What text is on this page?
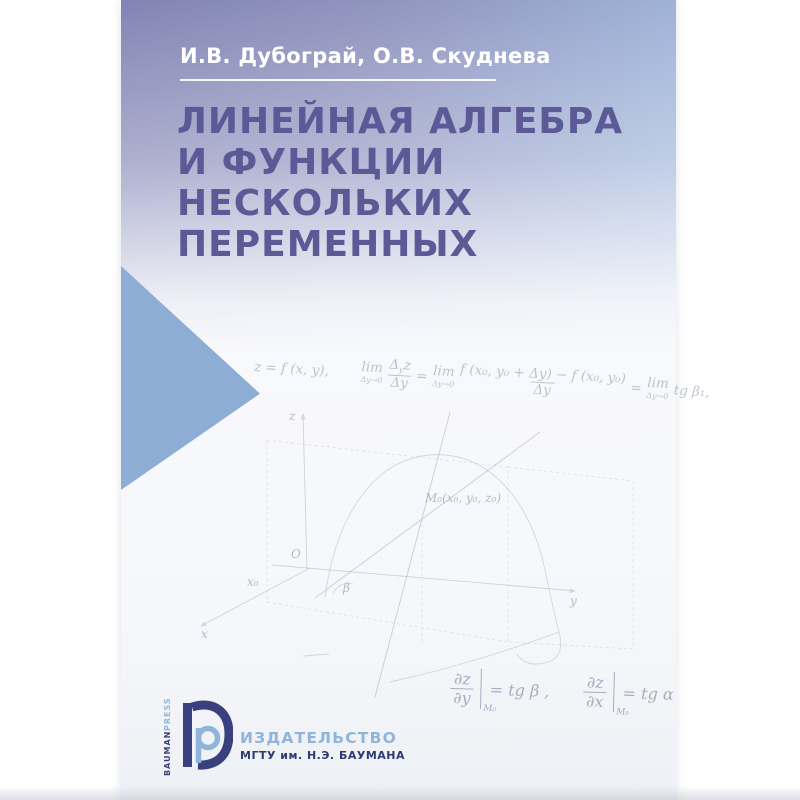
И.В. Дубограй, О.В. Скуднева
ЛИНЕЙНАЯ АЛГЕБРА
И ФУНКЦИИ
НЕСКОЛЬКИХ
ПЕРЕМЕННЫХ
z = f (x, y), lim
$\Delta y\to 0 \frac{\Delta_yz}{\Delta y} = \lim$
Δy→0 f (x₀, y₀ + Δy) − f (x₀, y₀)
Δy	= lim
Δy→0 tg β₁,
z
y
x
O
x₀	β
M₀(x₀, y₀, z₀)
$\frac{\partial z}{\partial y}$
M₀
= tg β , $\frac{\partial z}{\partial x}$
M₀
= tg α
BAUMAN
PRESS
ИЗДАТЕЛЬСТВО
МГТУ им. Н.Э. БАУМАНА
